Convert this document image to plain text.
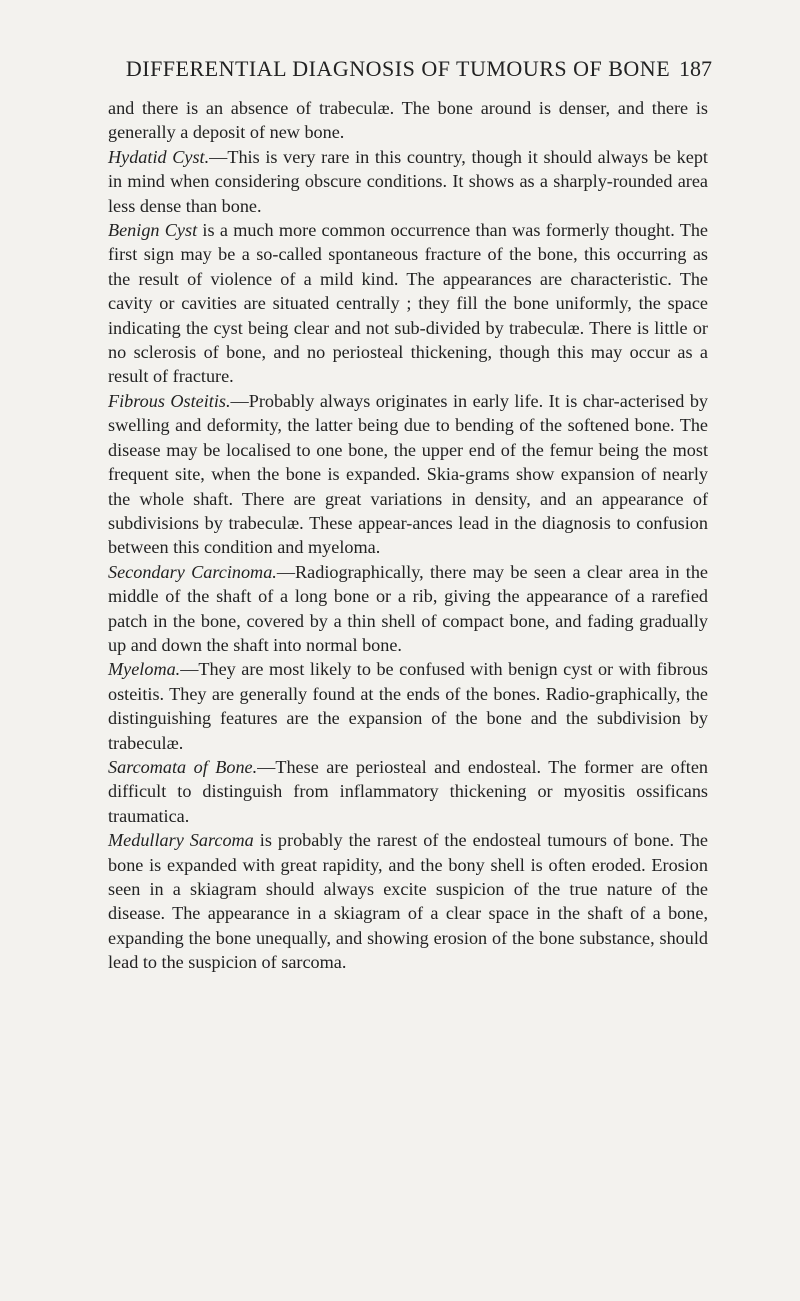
DIFFERENTIAL DIAGNOSIS OF TUMOURS OF BONE 187

and there is an absence of trabeculæ. The bone around is denser, and there is generally a deposit of new bone.

Hydatid Cyst.—This is very rare in this country, though it should always be kept in mind when considering obscure conditions. It shows as a sharply-rounded area less dense than bone.

Benign Cyst is a much more common occurrence than was formerly thought. The first sign may be a so-called spontaneous fracture of the bone, this occurring as the result of violence of a mild kind. The appearances are characteristic. The cavity or cavities are situated centrally ; they fill the bone uniformly, the space indicating the cyst being clear and not sub-divided by trabeculæ. There is little or no sclerosis of bone, and no periosteal thickening, though this may occur as a result of fracture.

Fibrous Osteitis.—Probably always originates in early life. It is char-acterised by swelling and deformity, the latter being due to bending of the softened bone. The disease may be localised to one bone, the upper end of the femur being the most frequent site, when the bone is expanded. Skia-grams show expansion of nearly the whole shaft. There are great variations in density, and an appearance of subdivisions by trabeculæ. These appear-ances lead in the diagnosis to confusion between this condition and myeloma.

Secondary Carcinoma.—Radiographically, there may be seen a clear area in the middle of the shaft of a long bone or a rib, giving the appearance of a rarefied patch in the bone, covered by a thin shell of compact bone, and fading gradually up and down the shaft into normal bone.

Myeloma.—They are most likely to be confused with benign cyst or with fibrous osteitis. They are generally found at the ends of the bones. Radio-graphically, the distinguishing features are the expansion of the bone and the subdivision by trabeculæ.

Sarcomata of Bone.—These are periosteal and endosteal. The former are often difficult to distinguish from inflammatory thickening or myositis ossificans traumatica.

Medullary Sarcoma is probably the rarest of the endosteal tumours of bone. The bone is expanded with great rapidity, and the bony shell is often eroded. Erosion seen in a skiagram should always excite suspicion of the true nature of the disease. The appearance in a skiagram of a clear space in the shaft of a bone, expanding the bone unequally, and showing erosion of the bone substance, should lead to the suspicion of sarcoma.
